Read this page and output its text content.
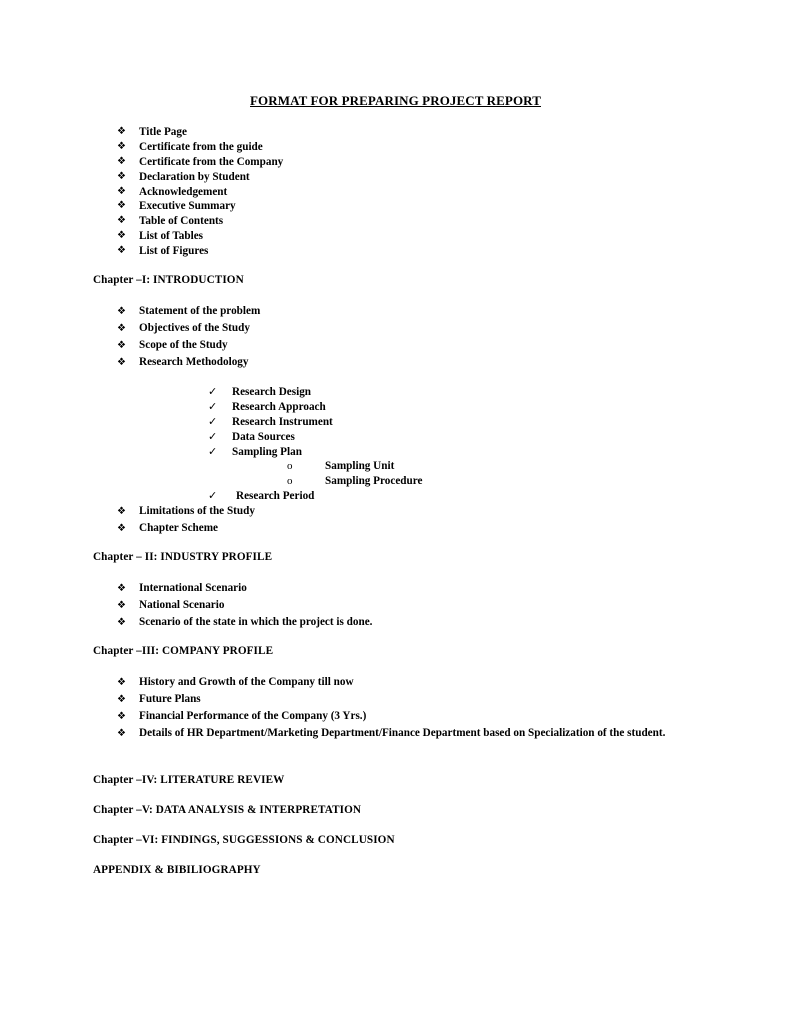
FORMAT FOR PREPARING PROJECT REPORT
❖ Title Page
❖ Certificate from the guide
❖ Certificate from the Company
❖ Declaration by Student
❖ Acknowledgement
❖ Executive Summary
❖ Table of Contents
❖ List of Tables
❖ List of Figures
Chapter –I: INTRODUCTION
❖ Statement of the problem
❖ Objectives of the Study
❖ Scope of the Study
❖ Research Methodology
✓ Research Design
✓ Research Approach
✓ Research Instrument
✓ Data Sources
✓ Sampling Plan
o	Sampling Unit
o	Sampling Procedure
✓ Research Period
❖ Limitations of the Study
❖ Chapter Scheme
Chapter – II: INDUSTRY PROFILE
❖ International Scenario
❖ National Scenario
❖ Scenario of the state in which the project is done.
Chapter –III: COMPANY PROFILE
❖ History and Growth of the Company till now
❖ Future Plans
❖ Financial Performance of the Company (3 Yrs.)
❖ Details of HR Department/Marketing Department/Finance Department based on Specialization of the student.
Chapter –IV: LITERATURE REVIEW
Chapter –V: DATA ANALYSIS & INTERPRETATION
Chapter –VI: FINDINGS, SUGGESSIONS & CONCLUSION
APPENDIX & BIBILIOGRAPHY
